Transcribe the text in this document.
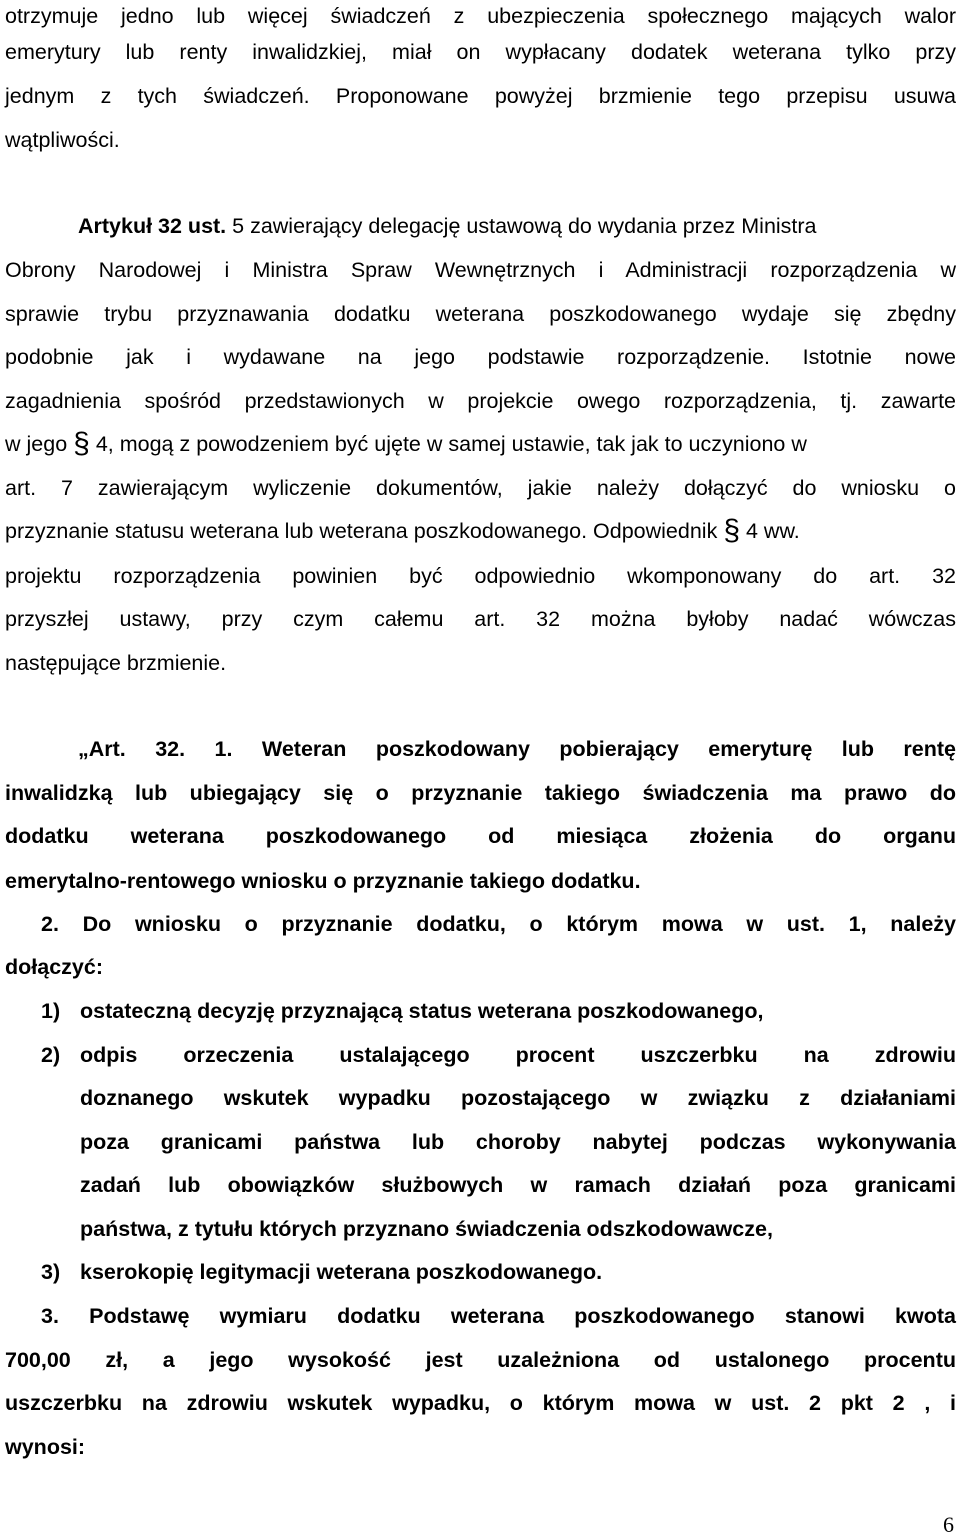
otrzymuje jedno lub więcej świadczeń z ubezpieczenia społecznego mających walor
emerytury lub renty inwalidzkiej, miał on wypłacany dodatek weterana tylko przy
jednym z tych świadczeń. Proponowane powyżej brzmienie tego przepisu usuwa
wątpliwości.
Artykuł 32 ust. 5 zawierający delegację ustawową do wydania przez Ministra
Obrony Narodowej i Ministra Spraw Wewnętrznych i Administracji rozporządzenia w
sprawie trybu przyznawania dodatku weterana poszkodowanego wydaje się zbędny
podobnie jak i wydawane na jego podstawie rozporządzenie. Istotnie nowe
zagadnienia spośród przedstawionych w projekcie owego rozporządzenia, tj. zawarte
w jego § 4, mogą z powodzeniem być ujęte w samej ustawie, tak jak to uczyniono w
art. 7 zawierającym wyliczenie dokumentów, jakie należy dołączyć do wniosku o
przyznanie statusu weterana lub weterana poszkodowanego. Odpowiednik § 4 ww.
projektu rozporządzenia powinien być odpowiednio wkomponowany do art. 32
przyszłej ustawy, przy czym całemu art. 32 można byłoby nadać wówczas
następujące brzmienie.
„Art. 32. 1. Weteran poszkodowany pobierający emeryturę lub rentę
inwalidzką lub ubiegający się o przyznanie takiego świadczenia ma prawo do
dodatku weterana poszkodowanego od miesiąca złożenia do organu
emerytalno-rentowego wniosku o przyznanie takiego dodatku.
2. Do wniosku o przyznanie dodatku, o którym mowa w ust. 1, należy
dołączyć:
1) ostateczną decyzję przyznającą status weterana poszkodowanego,
2) odpis orzeczenia ustalającego procent uszczerbku na zdrowiu
doznanego wskutek wypadku pozostającego w związku z działaniami
poza granicami państwa lub choroby nabytej podczas wykonywania
zadań lub obowiązków służbowych w ramach działań poza granicami
państwa, z tytułu których przyznano świadczenia odszkodowawcze,
3) kserokopię legitymacji weterana poszkodowanego.
3. Podstawę wymiaru dodatku weterana poszkodowanego stanowi kwota
700,00 zł, a jego wysokość jest uzależniona od ustalonego procentu
uszczerbku na zdrowiu wskutek wypadku, o którym mowa w ust. 2 pkt 2 , i
wynosi:
6
